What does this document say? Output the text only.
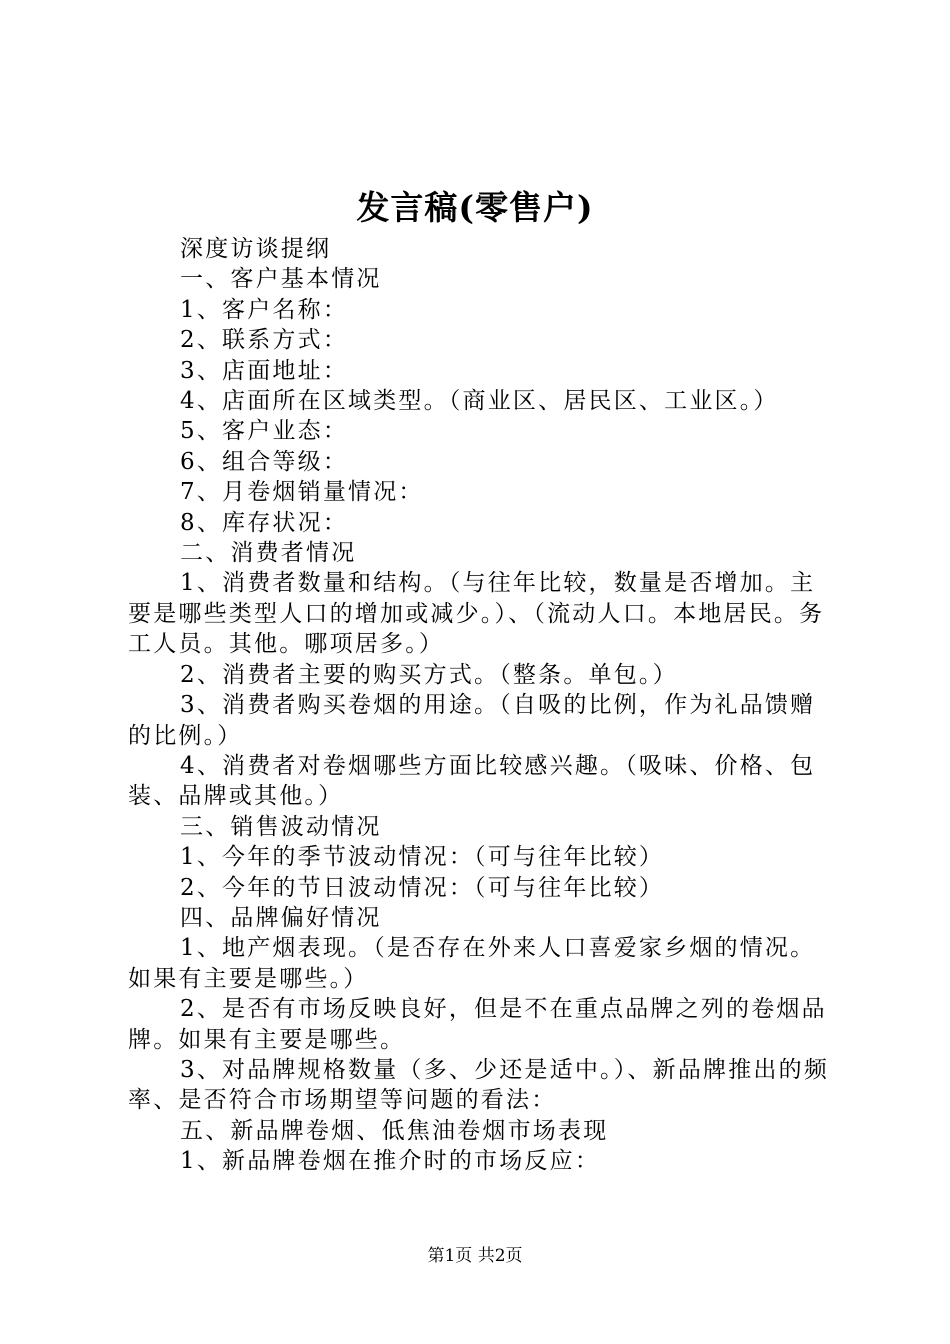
发言稿(零售户)

深度访谈提纲

一、客户基本情况

1、客户名称：

2、联系方式：

3、店面地址：

4、店面所在区域类型。（商业区、居民区、工业区。）

5、客户业态：

6、组合等级：

7、月卷烟销量情况：

8、库存状况：

二、消费者情况

1、消费者数量和结构。（与往年比较，数量是否增加。主要是哪些类型人口的增加或减少。）、（流动人口。本地居民。务工人员。其他。哪项居多。）

2、消费者主要的购买方式。（整条。单包。）

3、消费者购买卷烟的用途。（自吸的比例，作为礼品馈赠的比例。）

4、消费者对卷烟哪些方面比较感兴趣。（吸味、价格、包装、品牌或其他。）

三、销售波动情况

1、今年的季节波动情况：（可与往年比较）

2、今年的节日波动情况：（可与往年比较）

四、品牌偏好情况

1、地产烟表现。（是否存在外来人口喜爱家乡烟的情况。如果有主要是哪些。）

2、是否有市场反映良好，但是不在重点品牌之列的卷烟品牌。如果有主要是哪些。

3、对品牌规格数量（多、少还是适中。）、新品牌推出的频率、是否符合市场期望等问题的看法：

五、新品牌卷烟、低焦油卷烟市场表现

1、新品牌卷烟在推介时的市场反应：

第1页 共2页
